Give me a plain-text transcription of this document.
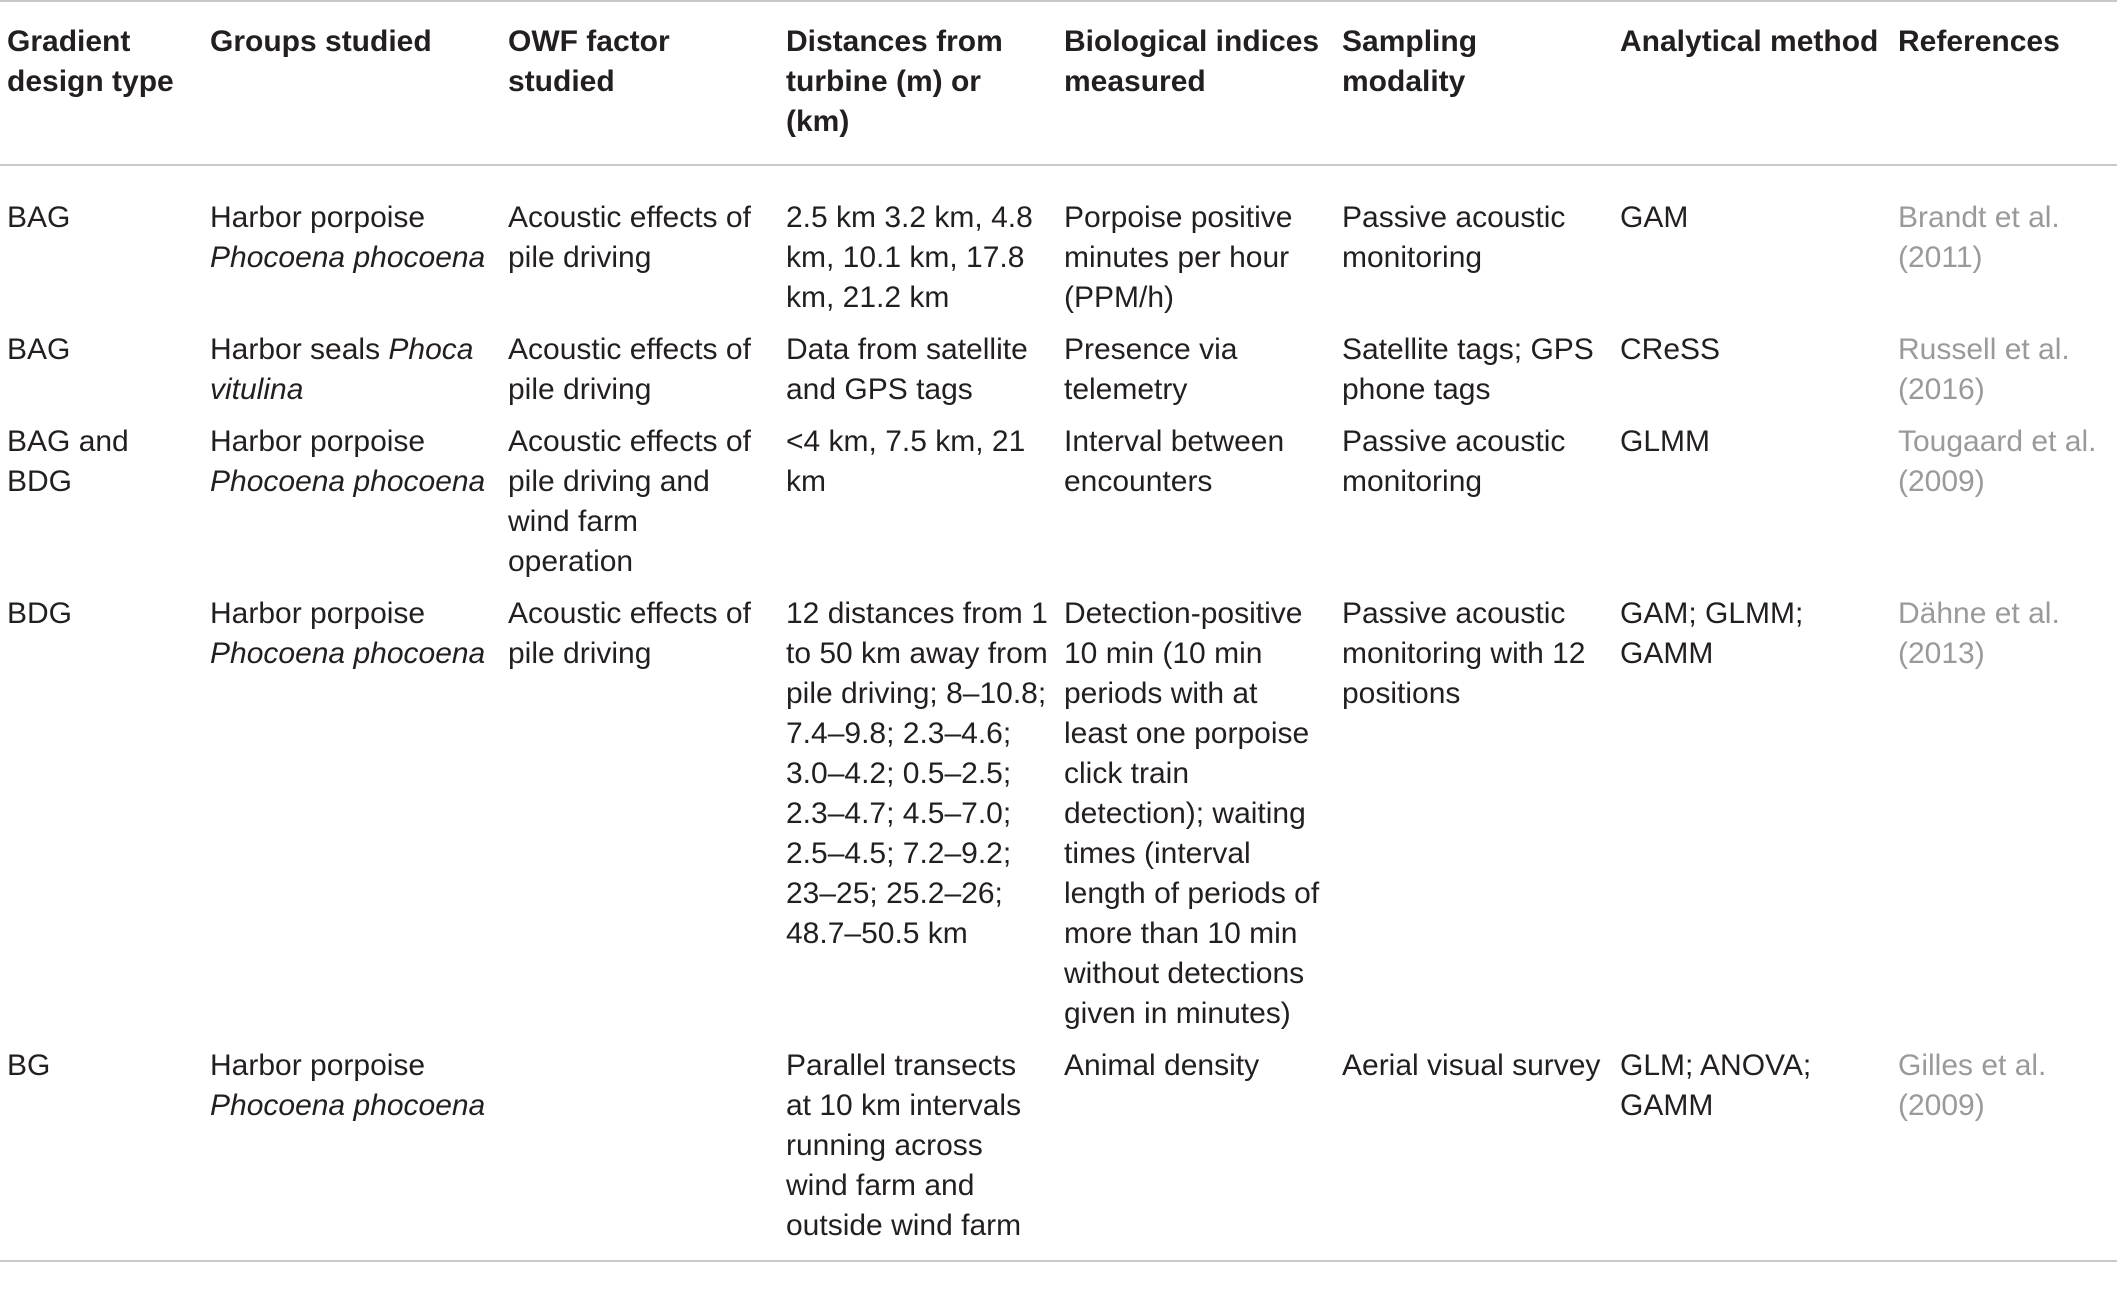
Gradient design type	Groups studied	OWF factor studied	Distances from turbine (m) or (km)	Biological indices measured	Sampling modality	Analytical method	References
BAG	Harbor porpoise Phocoena phocoena	Acoustic effects of pile driving	2.5 km 3.2 km, 4.8 km, 10.1 km, 17.8 km, 21.2 km	Porpoise positive minutes per hour (PPM/h)	Passive acoustic monitoring	GAM	Brandt et al. (2011)
BAG	Harbor seals Phoca vitulina	Acoustic effects of pile driving	Data from satellite and GPS tags	Presence via telemetry	Satellite tags; GPS phone tags	CReSS	Russell et al. (2016)
BAG and BDG	Harbor porpoise Phocoena phocoena	Acoustic effects of pile driving and wind farm operation	<4 km, 7.5 km, 21 km	Interval between encounters	Passive acoustic monitoring	GLMM	Tougaard et al. (2009)
BDG	Harbor porpoise Phocoena phocoena	Acoustic effects of pile driving	12 distances from 1 to 50 km away from pile driving; 8–10.8; 7.4–9.8; 2.3–4.6; 3.0–4.2; 0.5–2.5; 2.3–4.7; 4.5–7.0; 2.5–4.5; 7.2–9.2; 23–25; 25.2–26; 48.7–50.5 km	Detection-positive 10 min (10 min periods with at least one porpoise click train detection); waiting times (interval length of periods of more than 10 min without detections given in minutes)	Passive acoustic monitoring with 12 positions	GAM; GLMM; GAMM	Dähne et al. (2013)
BG	Harbor porpoise Phocoena phocoena		Parallel transects at 10 km intervals running across wind farm and outside wind farm	Animal density	Aerial visual survey	GLM; ANOVA; GAMM	Gilles et al. (2009)
